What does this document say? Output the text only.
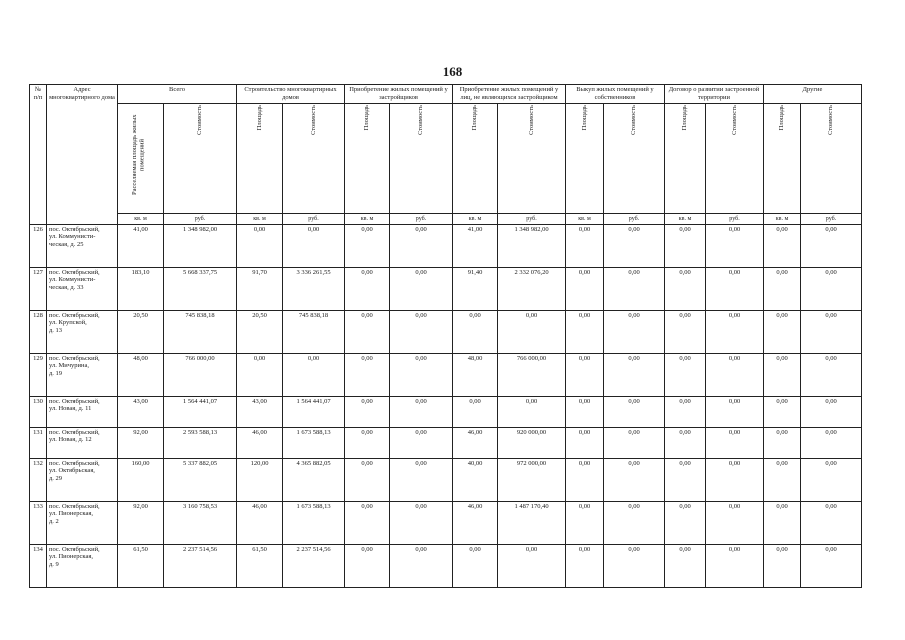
168
№ п/п	Адрес многоквартирного дома	Всего		Строительство многоквартирных домов		Приобретение жилых помещений у застройщиков		Приобретение жилых помещений у лиц, не являющихся застройщиком		Выкуп жилых помещений у собственников		Договор о развитии застроенной территории		Другие	

		Расселяемая площадь жилых помещений	Стоимость	Площадь	Стоимость	Площадь	Стоимость	Площадь	Стоимость	Площадь	Стоимость	Площадь	Стоимость	Площадь	Стоимость

		кв. м	руб.	кв. м	руб.	кв. м	руб.	кв. м	руб.	кв. м	руб.	кв. м	руб.	кв. м	руб.
126	пос. Октябрьский,
ул. Коммунисти-
ческая, д. 25	41,00	1 348 982,00	0,00	0,00	0,00	0,00	41,00	1 348 982,00	0,00	0,00	0,00	0,00	0,00	0,00
127	пос. Октябрьский,
ул. Коммунисти-
ческая, д. 33	183,10	5 668 337,75	91,70	3 336 261,55	0,00	0,00	91,40	2 332 076,20	0,00	0,00	0,00	0,00	0,00	0,00
128	пос. Октябрьский,
ул. Крупской,
д. 13	20,50	745 838,18	20,50	745 838,18	0,00	0,00	0,00	0,00	0,00	0,00	0,00	0,00	0,00	0,00
129	пос. Октябрьский,
ул. Мичурина,
д. 19	48,00	766 000,00	0,00	0,00	0,00	0,00	48,00	766 000,00	0,00	0,00	0,00	0,00	0,00	0,00
130	пос. Октябрьский,
ул. Новая, д. 11	43,00	1 564 441,07	43,00	1 564 441,07	0,00	0,00	0,00	0,00	0,00	0,00	0,00	0,00	0,00	0,00
131	пос. Октябрьский,
ул. Новая, д. 12	92,00	2 593 588,13	46,00	1 673 588,13	0,00	0,00	46,00	920 000,00	0,00	0,00	0,00	0,00	0,00	0,00
132	пос. Октябрьский,
ул. Октябрьская,
д. 29	160,00	5 337 882,05	120,00	4 365 882,05	0,00	0,00	40,00	972 000,00	0,00	0,00	0,00	0,00	0,00	0,00
133	пос. Октябрьский,
ул. Пионерская,
д. 2	92,00	3 160 758,53	46,00	1 673 588,13	0,00	0,00	46,00	1 487 170,40	0,00	0,00	0,00	0,00	0,00	0,00
134	пос. Октябрьский,
ул. Пионерская,
д. 9	61,50	2 237 514,56	61,50	2 237 514,56	0,00	0,00	0,00	0,00	0,00	0,00	0,00	0,00	0,00	0,00
